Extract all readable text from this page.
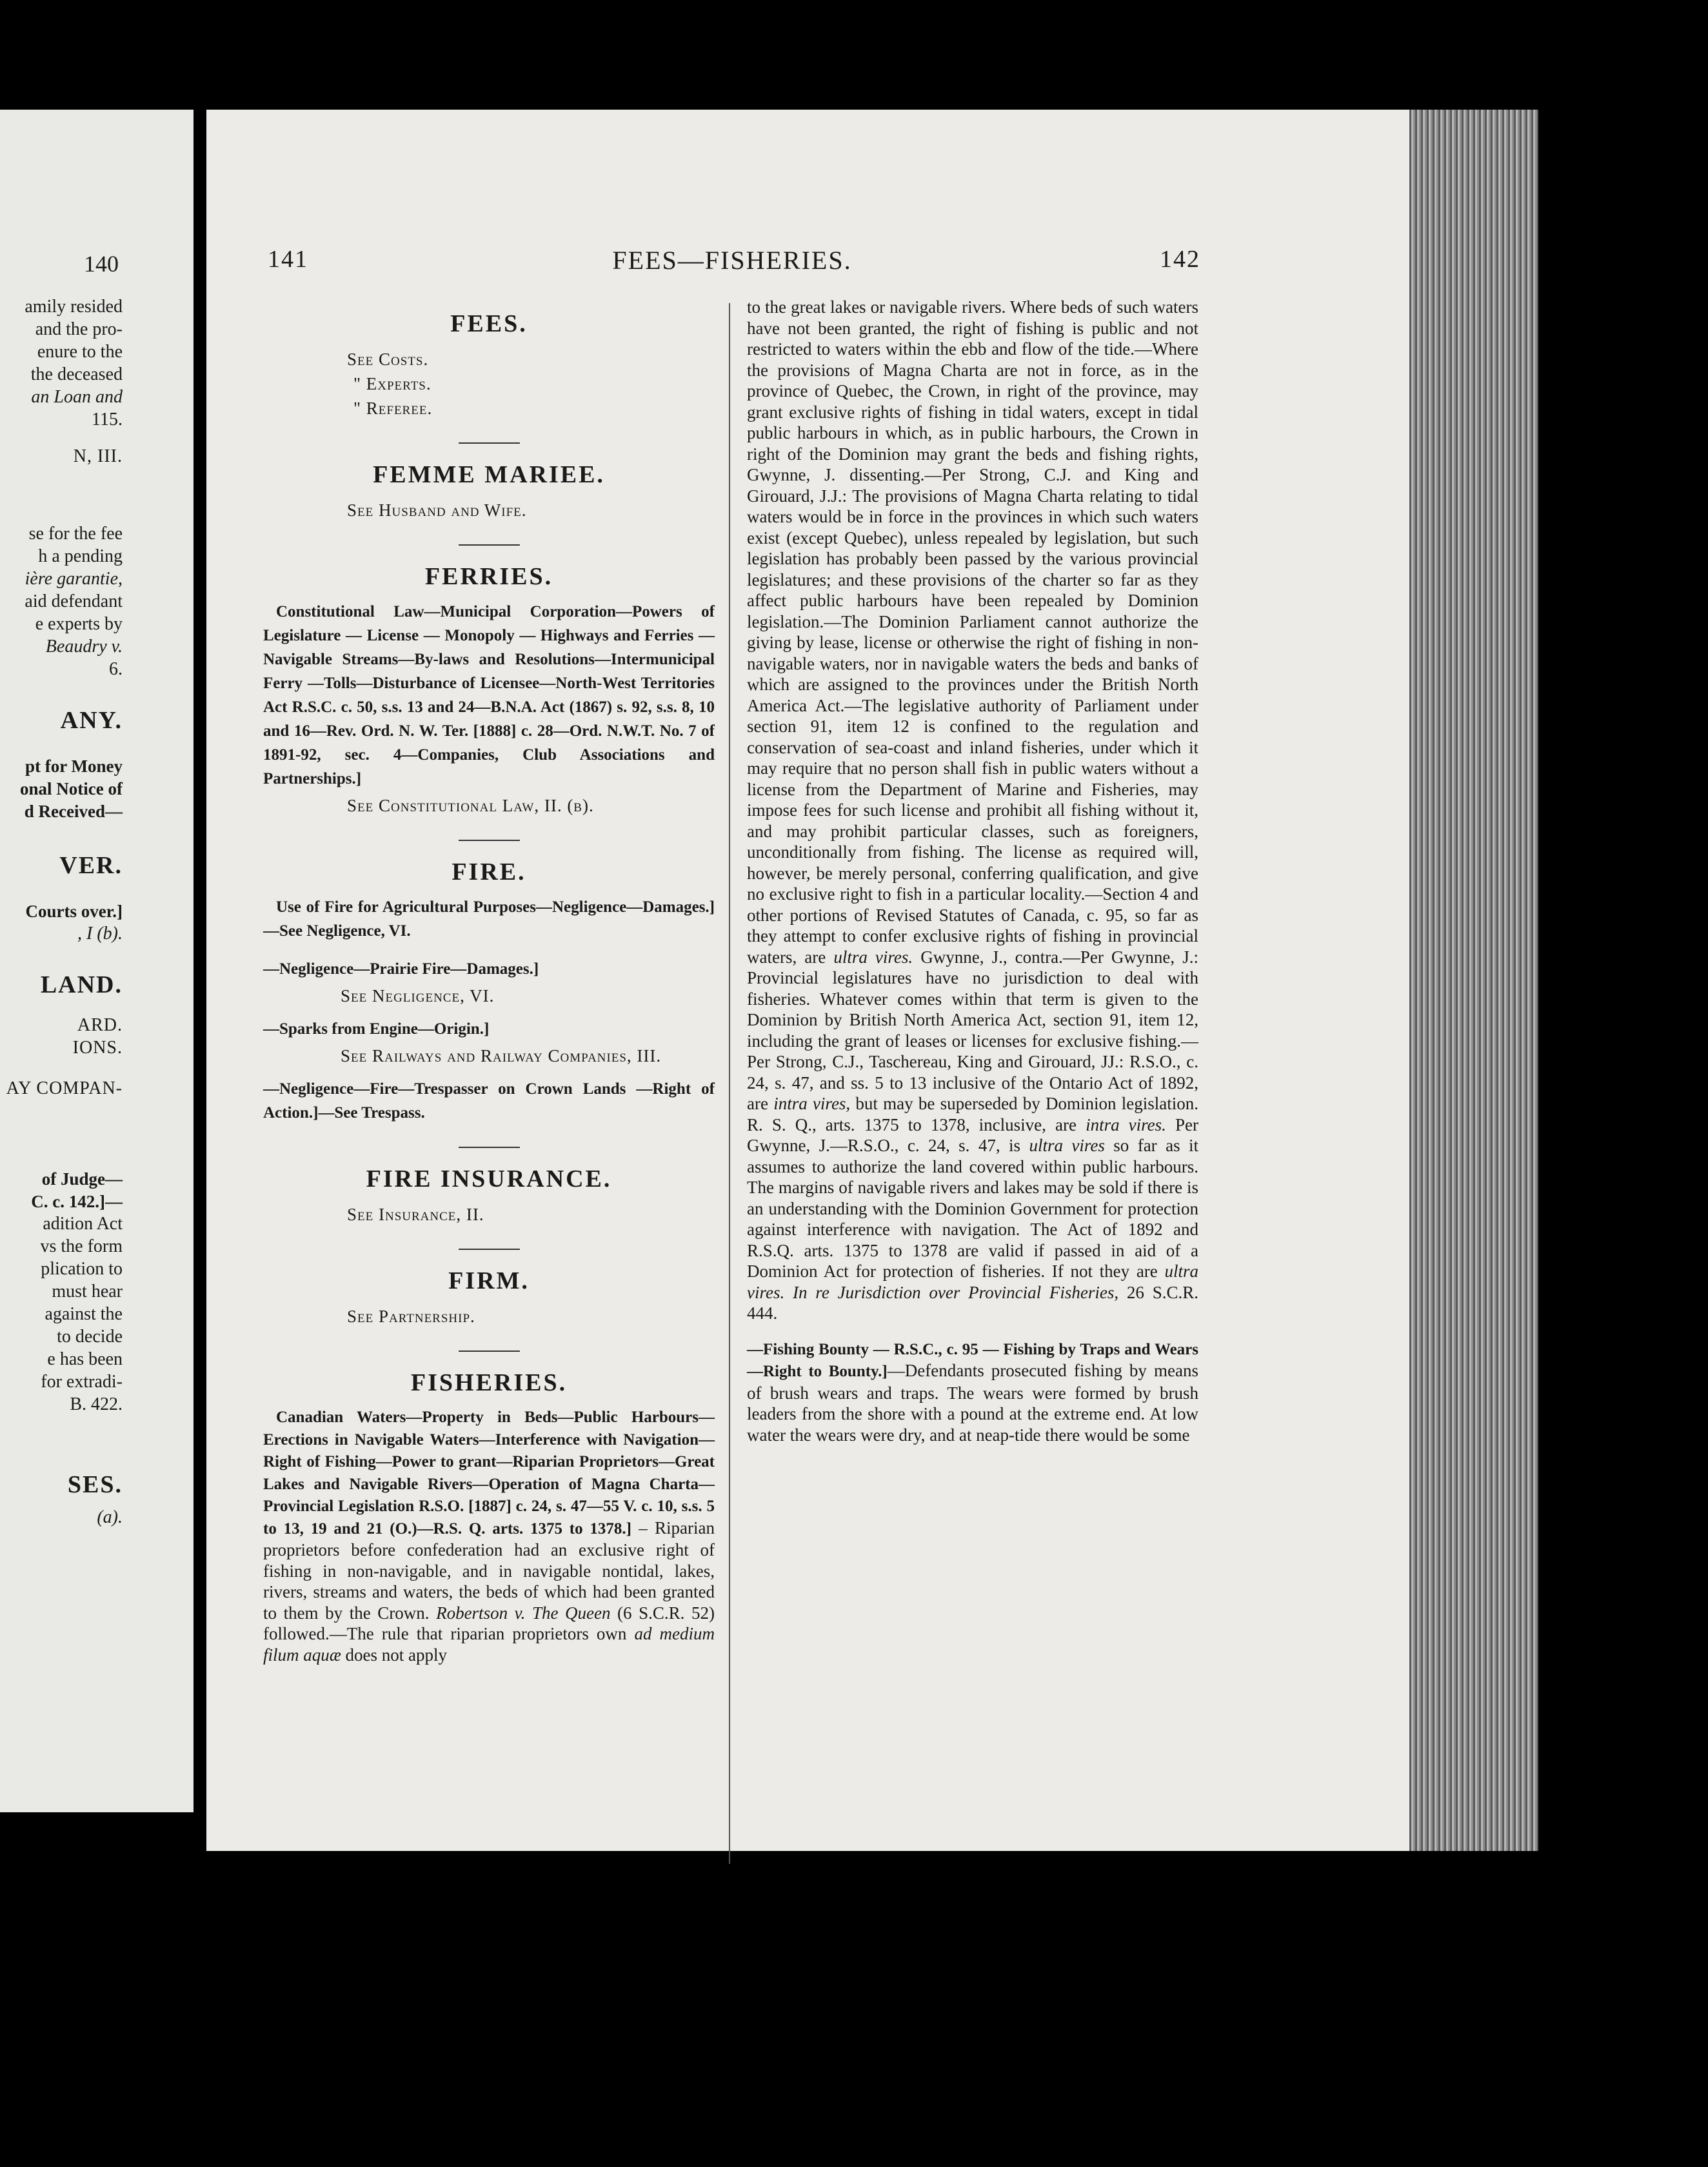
140
amily resided
and the pro-
enure to the
the deceased
an Loan and
115.
N, III.
se for the fee
h a pending
ière garantie,
aid defendant
e experts by
Beaudry v.
6.
ANY.
pt for Money
onal Notice of
d Received—
VER.
Courts over.]
, I (b).
LAND.
ARD.
IONS.
AY COMPAN-
of Judge—
C. c. 142.]—
adition Act
vs the form
plication to
must hear
against the
to decide
e has been
for extradi-
B. 422.
SES.
(a).
141	FEES—FISHERIES.	142
FEES.
See Costs.
" Experts.
" Referee.
FEMME MARIEE.
See Husband and Wife.
FERRIES.
Constitutional Law—Municipal Corporation—Powers of Legislature — License — Monopoly — Highways and Ferries — Navigable Streams—By-laws and Resolutions—Intermunicipal Ferry —Tolls—Disturbance of Licensee—North-West Territories Act R.S.C. c. 50, s.s. 13 and 24—B.N.A. Act (1867) s. 92, s.s. 8, 10 and 16—Rev. Ord. N. W. Ter. [1888] c. 28—Ord. N.W.T. No. 7 of 1891-92, sec. 4—Companies, Club Associations and Partnerships.]
See Constitutional Law, II. (b).
FIRE.
Use of Fire for Agricultural Purposes—Negligence—Damages.]—See Negligence, VI.
—Negligence—Prairie Fire—Damages.]
See Negligence, VI.
—Sparks from Engine—Origin.]
See Railways and Railway Companies, III.
—Negligence—Fire—Trespasser on Crown Lands —Right of Action.]—See Trespass.
FIRE INSURANCE.
See Insurance, II.
FIRM.
See Partnership.
FISHERIES.
Canadian Waters—Property in Beds—Public Harbours—Erections in Navigable Waters—Interference with Navigation—Right of Fishing—Power to grant—Riparian Proprietors—Great Lakes and Navigable Rivers—Operation of Magna Charta—Provincial Legislation R.S.O. [1887] c. 24, s. 47—55 V. c. 10, s.s. 5 to 13, 19 and 21 (O.)—R.S. Q. arts. 1375 to 1378.] – Riparian proprietors before confederation had an exclusive right of fishing in non-navigable, and in navigable nontidal, lakes, rivers, streams and waters, the beds of which had been granted to them by the Crown. Robertson v. The Queen (6 S.C.R. 52) followed.—The rule that riparian proprietors own ad medium filum aquæ does not apply
to the great lakes or navigable rivers. Where beds of such waters have not been granted, the right of fishing is public and not restricted to waters within the ebb and flow of the tide.—Where the provisions of Magna Charta are not in force, as in the province of Quebec, the Crown, in right of the province, may grant exclusive rights of fishing in tidal waters, except in tidal public harbours in which, as in public harbours, the Crown in right of the Dominion may grant the beds and fishing rights, Gwynne, J. dissenting.—Per Strong, C.J. and King and Girouard, J.J.: The provisions of Magna Charta relating to tidal waters would be in force in the provinces in which such waters exist (except Quebec), unless repealed by legislation, but such legislation has probably been passed by the various provincial legislatures; and these provisions of the charter so far as they affect public harbours have been repealed by Dominion legislation.—The Dominion Parliament cannot authorize the giving by lease, license or otherwise the right of fishing in non-navigable waters, nor in navigable waters the beds and banks of which are assigned to the provinces under the British North America Act.—The legislative authority of Parliament under section 91, item 12 is confined to the regulation and conservation of sea-coast and inland fisheries, under which it may require that no person shall fish in public waters without a license from the Department of Marine and Fisheries, may impose fees for such license and prohibit all fishing without it, and may prohibit particular classes, such as foreigners, unconditionally from fishing. The license as required will, however, be merely personal, conferring qualification, and give no exclusive right to fish in a particular locality.—Section 4 and other portions of Revised Statutes of Canada, c. 95, so far as they attempt to confer exclusive rights of fishing in provincial waters, are ultra vires. Gwynne, J., contra.—Per Gwynne, J.: Provincial legislatures have no jurisdiction to deal with fisheries. Whatever comes within that term is given to the Dominion by British North America Act, section 91, item 12, including the grant of leases or licenses for exclusive fishing.—Per Strong, C.J., Taschereau, King and Girouard, JJ.: R.S.O., c. 24, s. 47, and ss. 5 to 13 inclusive of the Ontario Act of 1892, are intra vires, but may be superseded by Dominion legislation. R. S. Q., arts. 1375 to 1378, inclusive, are intra vires. Per Gwynne, J.—R.S.O., c. 24, s. 47, is ultra vires so far as it assumes to authorize the land covered within public harbours. The margins of navigable rivers and lakes may be sold if there is an understanding with the Dominion Government for protection against interference with navigation. The Act of 1892 and R.S.Q. arts. 1375 to 1378 are valid if passed in aid of a Dominion Act for protection of fisheries. If not they are ultra vires. In re Jurisdiction over Provincial Fisheries, 26 S.C.R. 444.
—Fishing Bounty — R.S.C., c. 95 — Fishing by Traps and Wears—Right to Bounty.]—Defendants prosecuted fishing by means of brush wears and traps. The wears were formed by brush leaders from the shore with a pound at the extreme end. At low water the wears were dry, and at neap-tide there would be some
